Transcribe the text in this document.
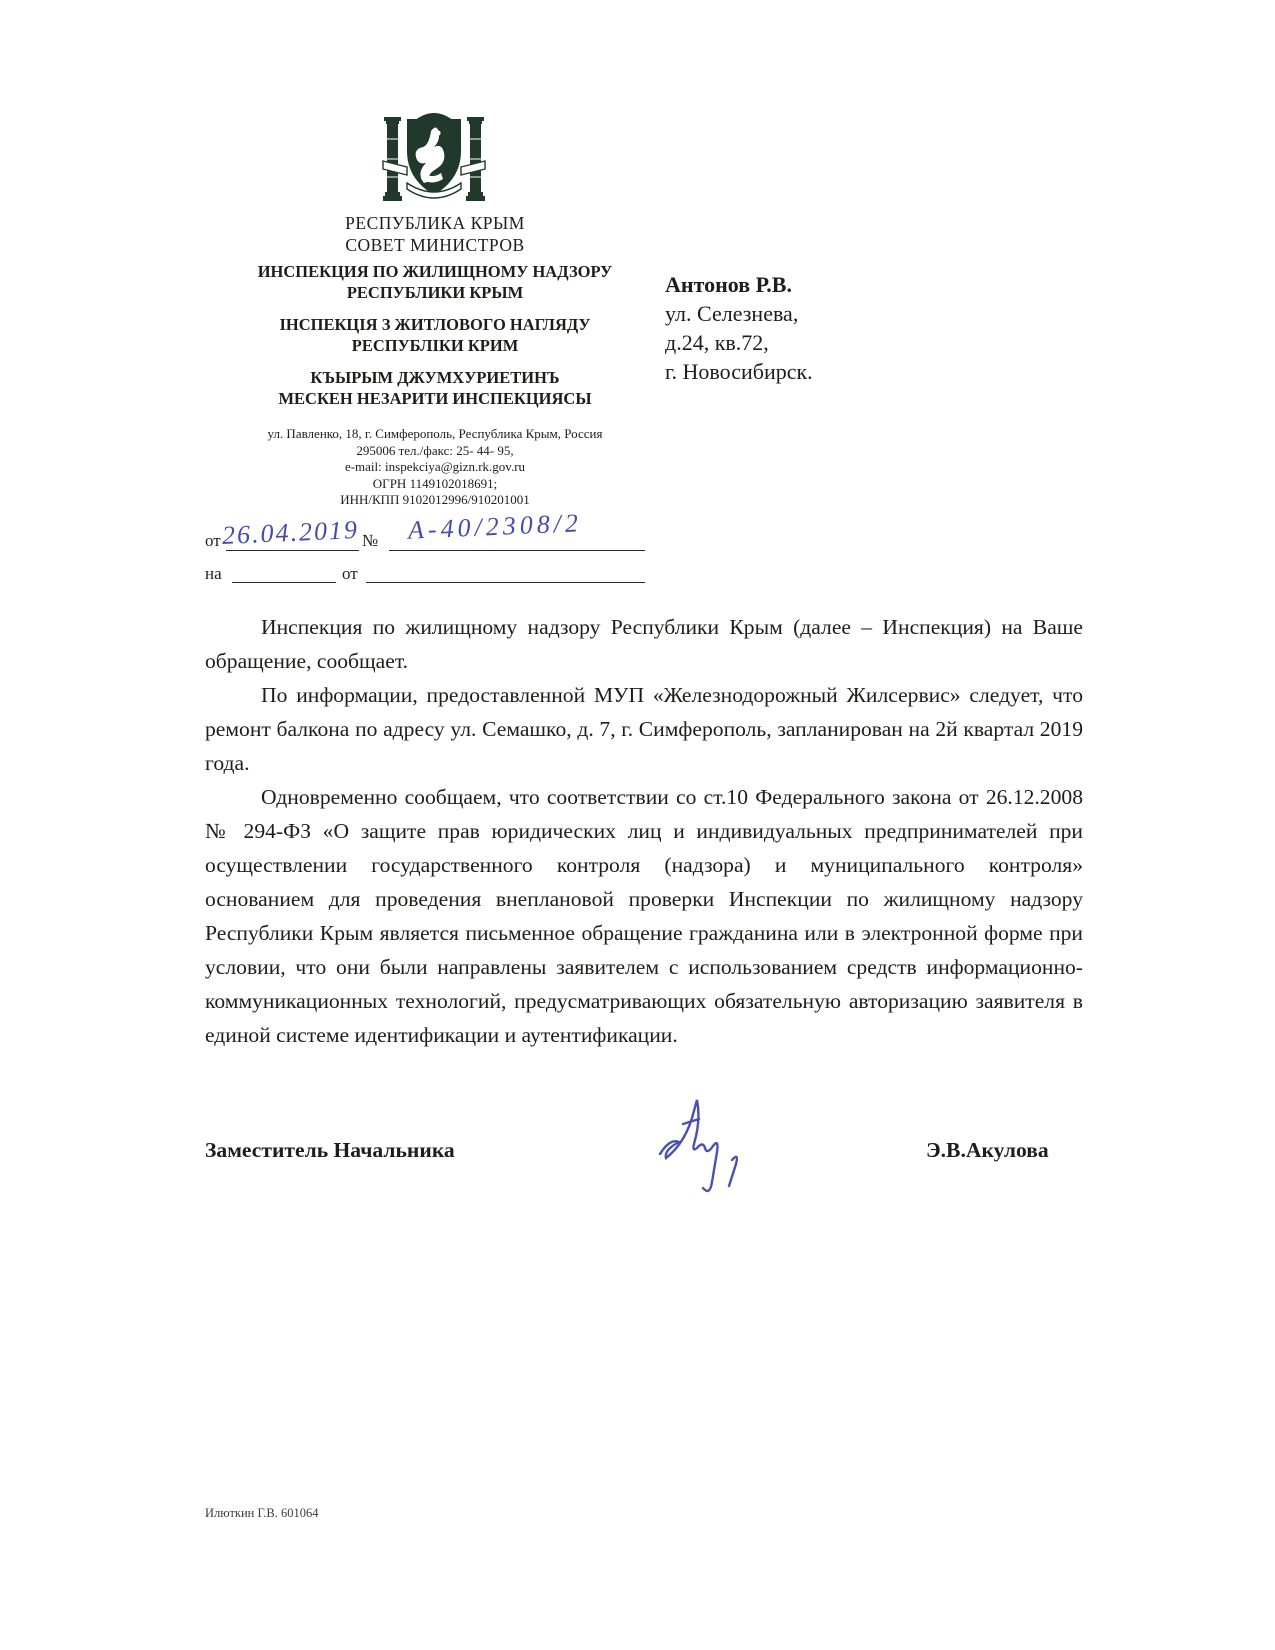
РЕСПУБЛИКА КРЫМ
СОВЕТ МИНИСТРОВ
ИНСПЕКЦИЯ ПО ЖИЛИЩНОМУ НАДЗОРУ
РЕСПУБЛИКИ КРЫМ
ІНСПЕКЦІЯ З ЖИТЛОВОГО НАГЛЯДУ
РЕСПУБЛІКИ КРИМ
КЪЫРЫМ ДЖУМХУРИЕТИНЪ
МЕСКЕН НЕЗАРИТИ ИНСПЕКЦИЯСЫ
ул. Павленко, 18, г. Симферополь, Республика Крым, Россия
295006 тел./факс: 25- 44- 95,
e-mail: inspekciya@gizn.rk.gov.ru
ОГРН 1149102018691;
ИНН/КПП 9102012996/910201001
Антонов Р.В.
ул. Селезнева,
д.24, кв.72,
г. Новосибирск.
от 26.04.2019 № А-40/2308/2
на	от

Инспекция по жилищному надзору Республики Крым (далее – Инспекция) на Ваше обращение, сообщает.

По информации, предоставленной МУП «Железнодорожный Жилсервис» следует, что ремонт балкона по адресу ул. Семашко, д. 7, г. Симферополь, запланирован на 2й квартал 2019 года.

Одновременно сообщаем, что соответствии со ст.10 Федерального закона от 26.12.2008 № 294-ФЗ «О защите прав юридических лиц и индивидуальных предпринимателей при осуществлении государственного контроля (надзора) и муниципального контроля» основанием для проведения внеплановой проверки Инспекции по жилищному надзору Республики Крым является письменное обращение гражданина или в электронной форме при условии, что они были направлены заявителем с использованием средств информационно-коммуникационных технологий, предусматривающих обязательную авторизацию заявителя в единой системе идентификации и аутентификации.

Заместитель Начальника	Э.В.Акулова
Илюткин Г.В. 601064
